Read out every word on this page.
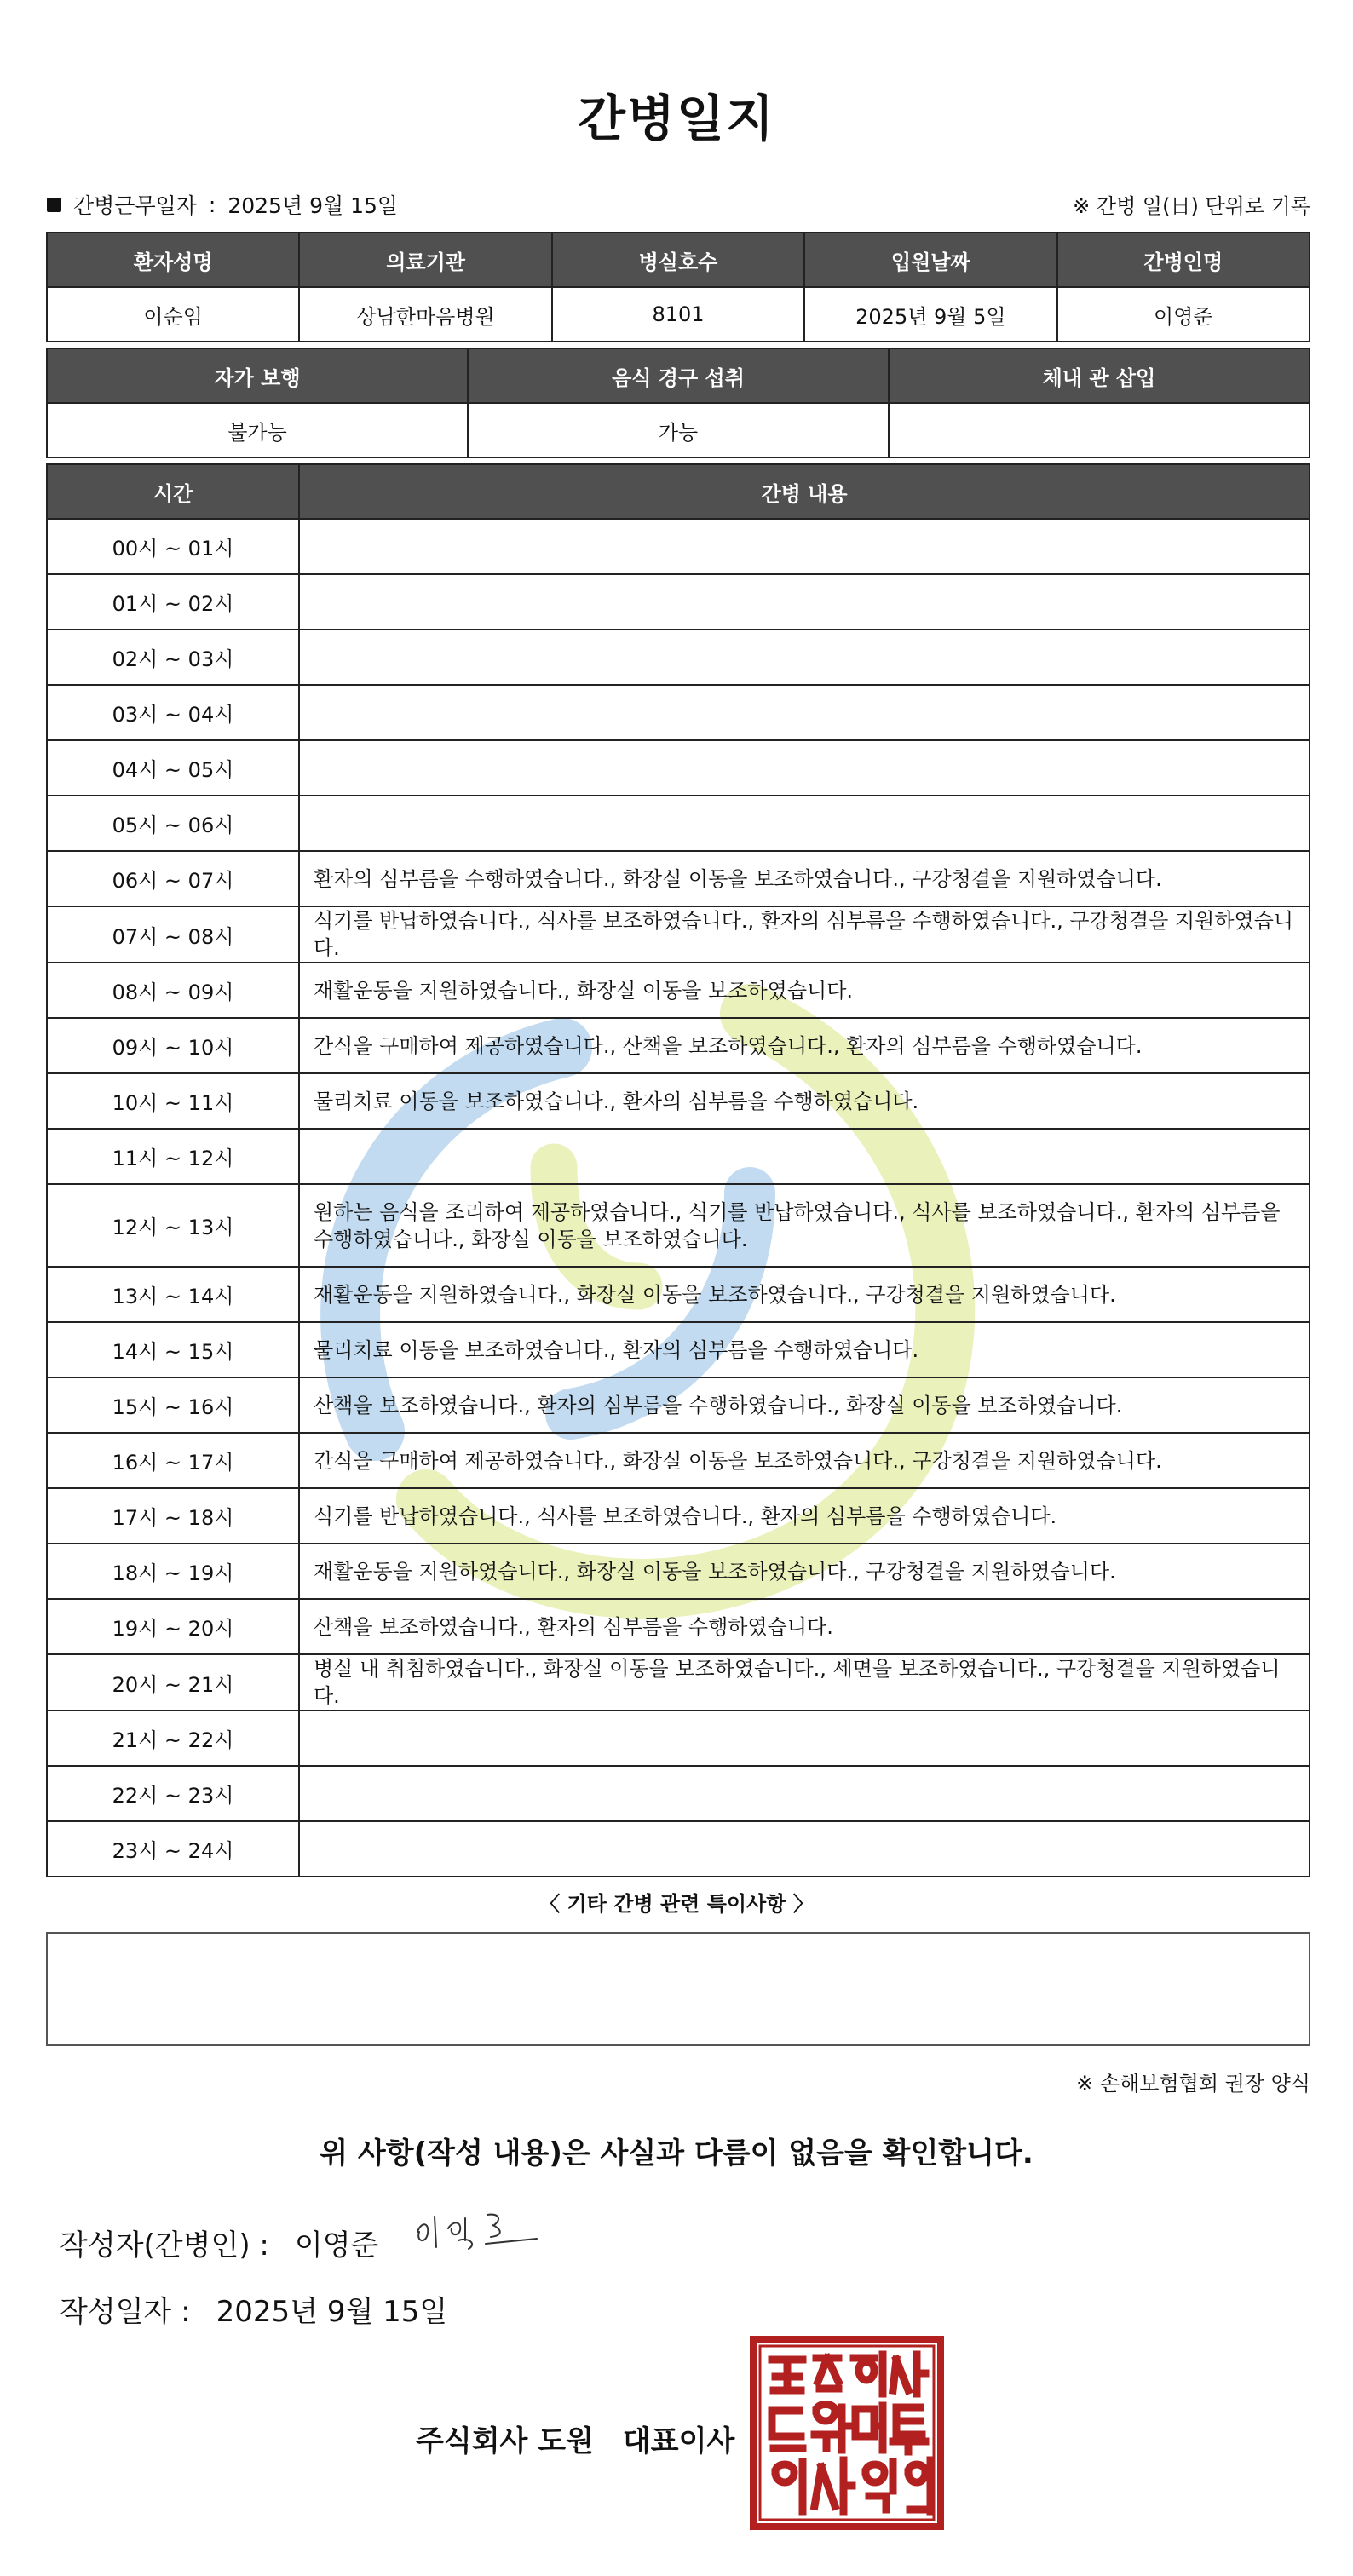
간병일지
간병근무일자 : 2025년 9월 15일	※ 간병 일(日) 단위로 기록
환자성명	의료기관	병실호수	입원날짜	간병인명
이순임	상남한마음병원	8101	2025년 9월 5일	이영준
자가 보행	음식 경구 섭취	체내 관 삽입
불가능	가능	
시간	간병 내용
00시 ~ 01시	
01시 ~ 02시	
02시 ~ 03시	
03시 ~ 04시	
04시 ~ 05시	
05시 ~ 06시	
06시 ~ 07시	환자의 심부름을 수행하였습니다., 화장실 이동을 보조하였습니다., 구강청결을 지원하였습니다.
07시 ~ 08시	식기를 반납하였습니다., 식사를 보조하였습니다., 환자의 심부름을 수행하였습니다., 구강청결을 지원하였습니다.
08시 ~ 09시	재활운동을 지원하였습니다., 화장실 이동을 보조하였습니다.
09시 ~ 10시	간식을 구매하여 제공하였습니다., 산책을 보조하였습니다., 환자의 심부름을 수행하였습니다.
10시 ~ 11시	물리치료 이동을 보조하였습니다., 환자의 심부름을 수행하였습니다.
11시 ~ 12시	
12시 ~ 13시	원하는 음식을 조리하여 제공하였습니다., 식기를 반납하였습니다., 식사를 보조하였습니다., 환자의 심부름을 수행하였습니다., 화장실 이동을 보조하였습니다.
13시 ~ 14시	재활운동을 지원하였습니다., 화장실 이동을 보조하였습니다., 구강청결을 지원하였습니다.
14시 ~ 15시	물리치료 이동을 보조하였습니다., 환자의 심부름을 수행하였습니다.
15시 ~ 16시	산책을 보조하였습니다., 환자의 심부름을 수행하였습니다., 화장실 이동을 보조하였습니다.
16시 ~ 17시	간식을 구매하여 제공하였습니다., 화장실 이동을 보조하였습니다., 구강청결을 지원하였습니다.
17시 ~ 18시	식기를 반납하였습니다., 식사를 보조하였습니다., 환자의 심부름을 수행하였습니다.
18시 ~ 19시	재활운동을 지원하였습니다., 화장실 이동을 보조하였습니다., 구강청결을 지원하였습니다.
19시 ~ 20시	산책을 보조하였습니다., 환자의 심부름을 수행하였습니다.
20시 ~ 21시	병실 내 취침하였습니다., 화장실 이동을 보조하였습니다., 세면을 보조하였습니다., 구강청결을 지원하였습니다.
21시 ~ 22시	
22시 ~ 23시	
23시 ~ 24시	
〈 기타 간병 관련 특이사항 〉
※ 손해보험협회 권장 양식
위 사항(작성 내용)은 사실과 다름이 없음을 확인합니다.
작성자(간병인) : 이영준
작성일자 : 2025년 9월 15일
주식회사 도원 대표이사
